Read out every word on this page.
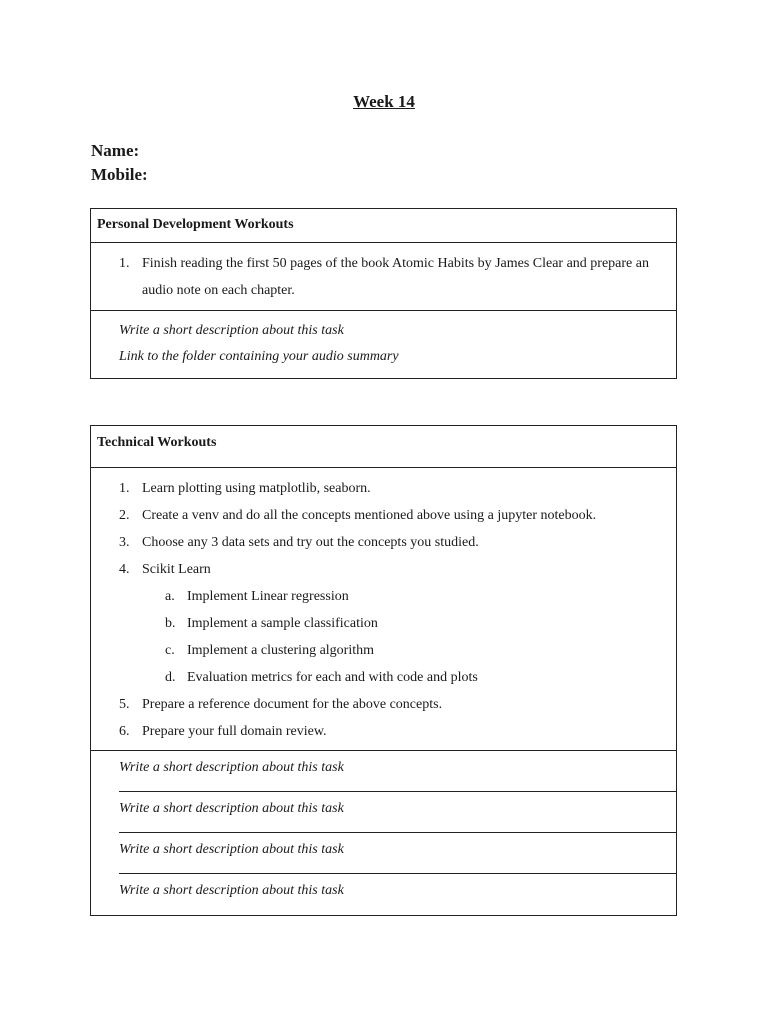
Week 14
Name:
Mobile:
Personal Development Workouts
1. Finish reading the first 50 pages of the book Atomic Habits by James Clear and prepare an audio note on each chapter.
Write a short description about this task
Link to the folder containing your audio summary
Technical Workouts
1. Learn plotting using matplotlib, seaborn.
2. Create a venv and do all the concepts mentioned above using a jupyter notebook.
3. Choose any 3 data sets and try out the concepts you studied.
4. Scikit Learn
a. Implement Linear regression
b. Implement a sample classification
c. Implement a clustering algorithm
d. Evaluation metrics for each and with code and plots
5. Prepare a reference document for the above concepts.
6. Prepare your full domain review.
Write a short description about this task
Write a short description about this task
Write a short description about this task
Write a short description about this task
